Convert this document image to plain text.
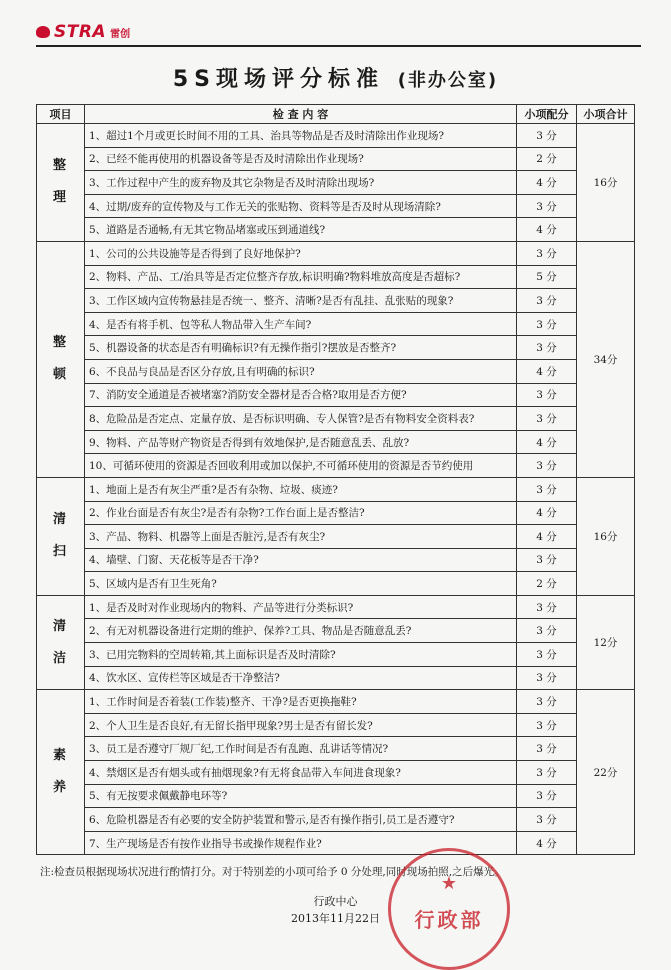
STRA 雷创
5S现场评分标准 (非办公室)
项目	检 查 内 容	小项配分	小项合计

整
理	1、超过1个月或更长时间不用的工具、治具等物品是否及时清除出作业现场?	3 分	16分
	2、已经不能再使用的机器设备等是否及时清除出作业现场?	2 分	
	3、工作过程中产生的废弃物及其它杂物是否及时清除出现场?	4 分	
	4、过期/废弃的宣传物及与工作无关的张贴物、资料等是否及时从现场清除?	3 分	
	5、道路是否通畅,有无其它物品堵塞或压到通道线?	4 分	

整
顿	1、公司的公共设施等是否得到了良好地保护?	3 分	34分
	2、物料、产品、工/治具等是否定位整齐存放,标识明确?物料堆放高度是否超标?	5 分	
	3、工作区域内宣传物悬挂是否统一、整齐、清晰?是否有乱挂、乱张贴的现象?	3 分	
	4、是否有将手机、包等私人物品带入生产车间?	3 分	
	5、机器设备的状态是否有明确标识?有无操作指引?摆放是否整齐?	3 分	
	6、不良品与良品是否区分存放,且有明确的标识?	4 分	
	7、消防安全通道是否被堵塞?消防安全器材是否合格?取用是否方便?	3 分	
	8、危险品是否定点、定量存放、是否标识明确、专人保管?是否有物料安全资料表?	3 分	
	9、物料、产品等财产物资是否得到有效地保护,是否随意乱丢、乱放?	4 分	
	10、可循环使用的资源是否回收利用或加以保护,不可循环使用的资源是否节约使用	3 分	

清
扫	1、地面上是否有灰尘严重?是否有杂物、垃圾、痰迹?	3 分	16分
	2、作业台面是否有灰尘?是否有杂物?工作台面上是否整洁?	4 分	
	3、产品、物料、机器等上面是否脏污,是否有灰尘?	4 分	
	4、墙壁、门窗、天花板等是否干净?	3 分	
	5、区域内是否有卫生死角?	2 分	

清
洁	1、是否及时对作业现场内的物料、产品等进行分类标识?	3 分	12分
	2、有无对机器设备进行定期的维护、保养?工具、物品是否随意乱丢?	3 分	
	3、已用完物料的空周转箱,其上面标识是否及时清除?	3 分	
	4、饮水区、宣传栏等区域是否干净整洁?	3 分	

素
养	1、工作时间是否着装(工作装)整齐、干净?是否更换拖鞋?	3 分	22分
	2、个人卫生是否良好,有无留长指甲现象?男士是否有留长发?	3 分	
	3、员工是否遵守厂规厂纪,工作时间是否有乱跑、乱讲话等情况?	3 分	
	4、禁烟区是否有烟头或有抽烟现象?有无将食品带入车间进食现象?	3 分	
	5、有无按要求佩戴静电环等?	3 分	
	6、危险机器是否有必要的安全防护装置和警示,是否有操作指引,员工是否遵守?	3 分	
	7、生产现场是否有按作业指导书或操作规程作业?	4 分	
注:检查员根据现场状况进行酌情打分。对于特别差的小项可给予 0 分处理,同时现场拍照,之后爆光。
★
行政部
行政中心
2013年11月22日
